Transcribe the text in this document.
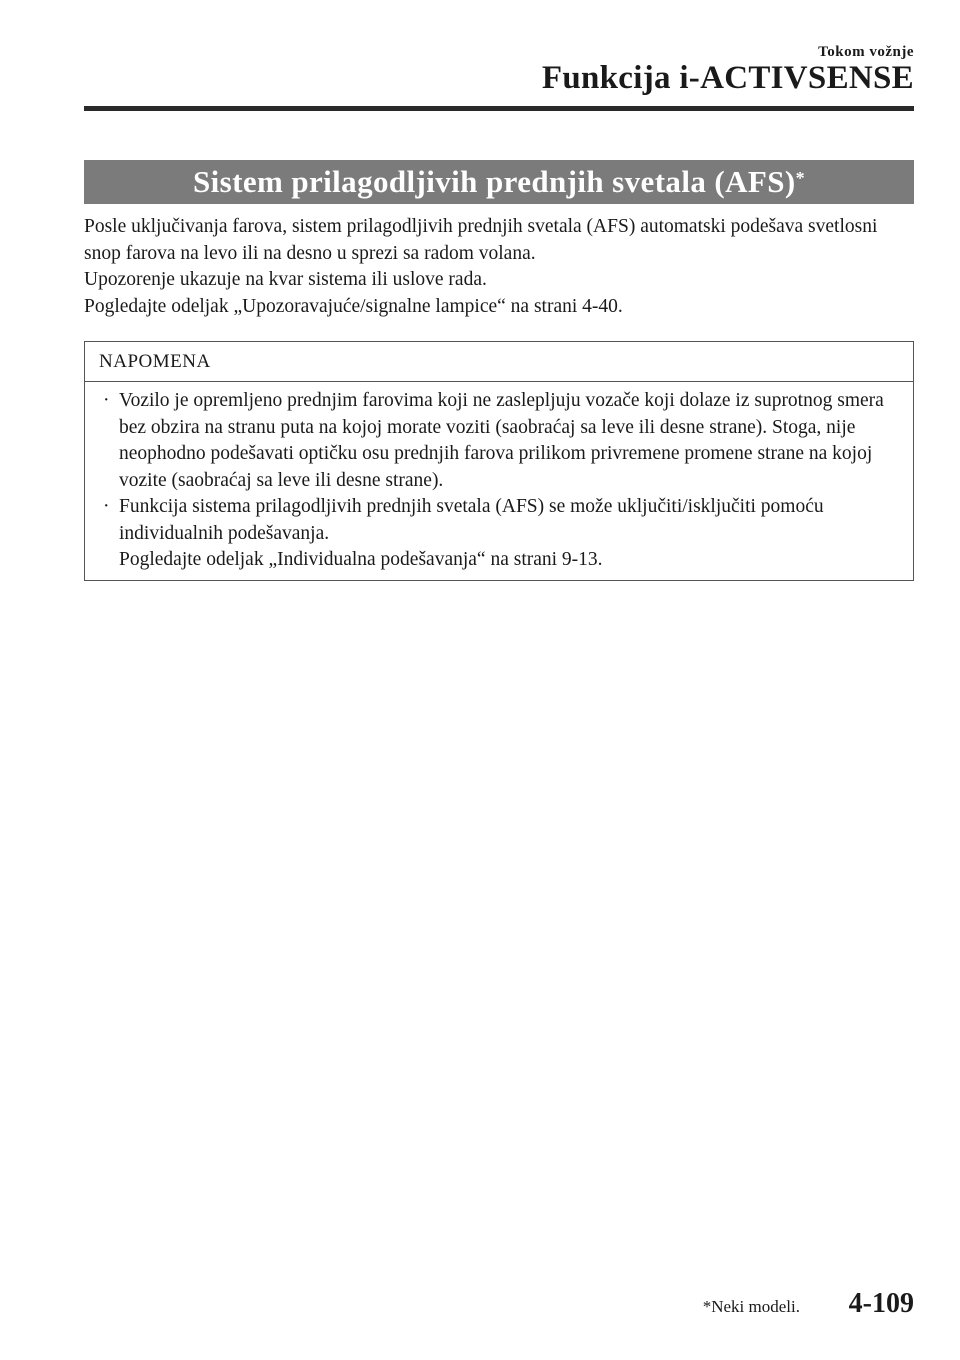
Tokom vožnje
Funkcija i-ACTIVSENSE
Sistem prilagodljivih prednjih svetala (AFS)*

Posle uključivanja farova, sistem prilagodljivih prednjih svetala (AFS) automatski podešava svetlosni snop farova na levo ili na desno u sprezi sa radom volana.

Upozorenje ukazuje na kvar sistema ili uslove rada.

Pogledajte odeljak „Upozoravajuće/signalne lampice“ na strani 4-40.

NAPOMENA
· Vozilo je opremljeno prednjim farovima koji ne zaslepljuju vozače koji dolaze iz suprotnog smera bez obzira na stranu puta na kojoj morate voziti (saobraćaj sa leve ili desne strane). Stoga, nije neophodno podešavati optičku osu prednjih farova prilikom privremene promene strane na kojoj vozite (saobraćaj sa leve ili desne strane).

· Funkcija sistema prilagodljivih prednjih svetala (AFS) se može uključiti/isključiti pomoću individualnih podešavanja.

Pogledajte odeljak „Individualna podešavanja“ na strani 9-13.

*Neki modeli. 4-109
